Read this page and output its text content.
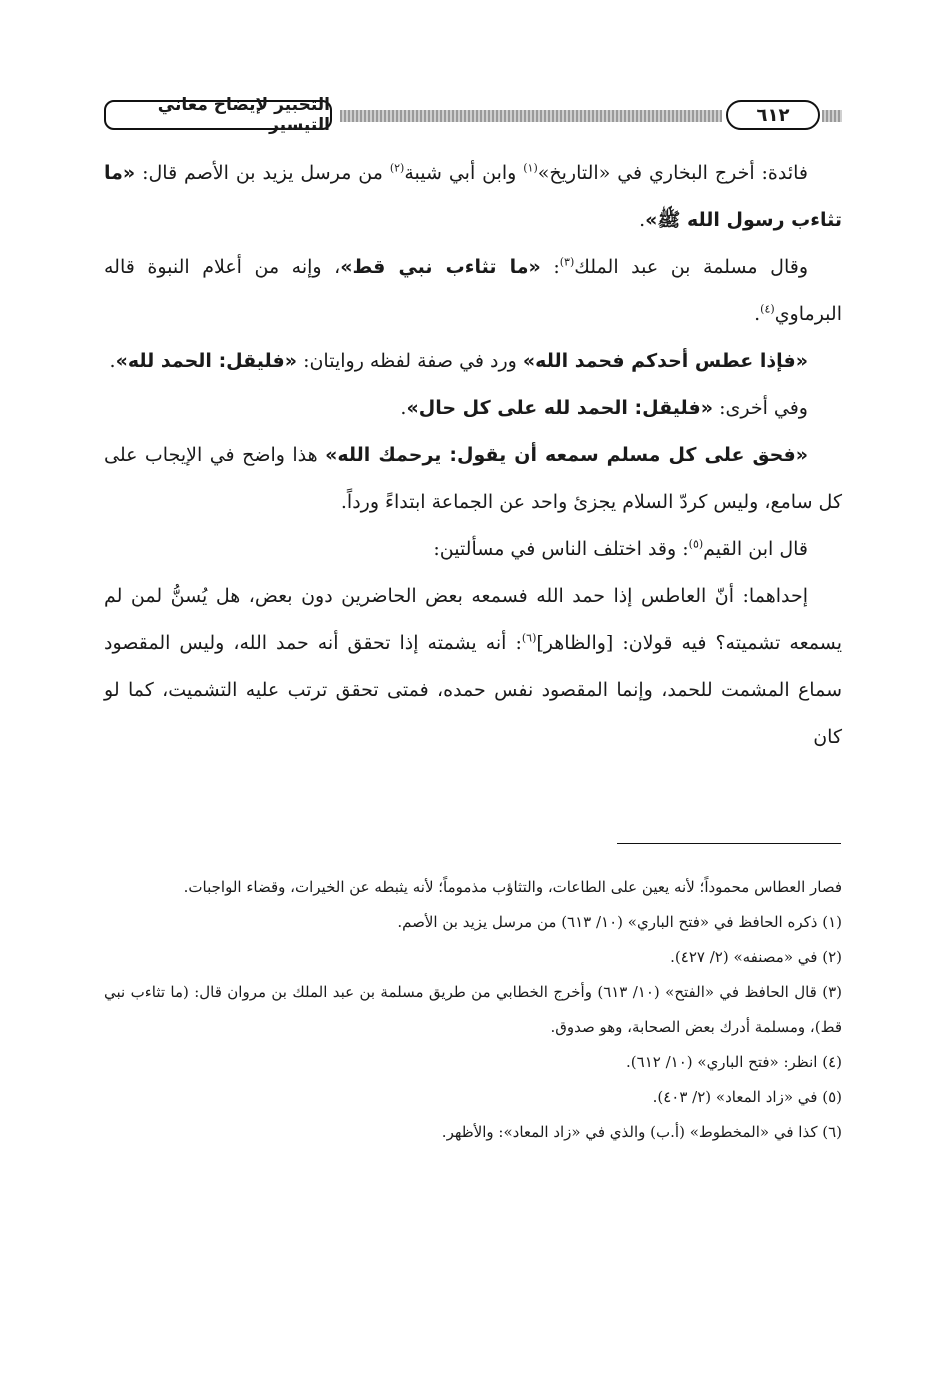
التحبير لإيضاح معاني التيسير	٦١٢

فائدة: أخرج البخاري في «التاريخ»$^{(١)}$ وابن أبي شيبة$^{(٢)}$ من مرسل يزيد بن الأصم قال: «ما تثاءب رسول الله ﷺ».

وقال مسلمة بن عبد الملك$^{(٣)}$: «ما تثاءب نبي قط»، وإنه من أعلام النبوة قاله البرماوي$^{(٤)}$.

«فإذا عطس أحدكم فحمد الله» ورد في صفة لفظه روايتان: «فليقل: الحمد لله».

وفي أخرى: «فليقل: الحمد لله على كل حال».

«فحق على كل مسلم سمعه أن يقول: يرحمك الله» هذا واضح في الإيجاب على كل سامع، وليس كردّ السلام يجزئ واحد عن الجماعة ابتداءً ورداً.

قال ابن القيم$^{(٥)}$: وقد اختلف الناس في مسألتين:

إحداهما: أنّ العاطس إذا حمد الله فسمعه بعض الحاضرين دون بعض، هل يُسنُّ لمن لم يسمعه تشميته؟ فيه قولان: [والظاهر]$^{(٦)}$: أنه يشمته إذا تحقق أنه حمد الله، وليس المقصود سماع المشمت للحمد، وإنما المقصود نفس حمده، فمتى تحقق ترتب عليه التشميت، كما لو كان

فصار العطاس محموداً؛ لأنه يعين على الطاعات، والتثاؤب مذموماً؛ لأنه يثبطه عن الخيرات، وقضاء الواجبات.

(١) ذكره الحافظ في «فتح الباري» (١٠/ ٦١٣) من مرسل يزيد بن الأصم.

(٢) في «مصنفه» (٢/ ٤٢٧).

(٣) قال الحافظ في «الفتح» (١٠/ ٦١٣) وأخرج الخطابي من طريق مسلمة بن عبد الملك بن مروان قال: (ما تثاءب نبي قط)، ومسلمة أدرك بعض الصحابة، وهو صدوق.

(٤) انظر: «فتح الباري» (١٠/ ٦١٢).

(٥) في «زاد المعاد» (٢/ ٤٠٣).

(٦) كذا في «المخطوط» (أ.ب) والذي في «زاد المعاد»: والأظهر.
